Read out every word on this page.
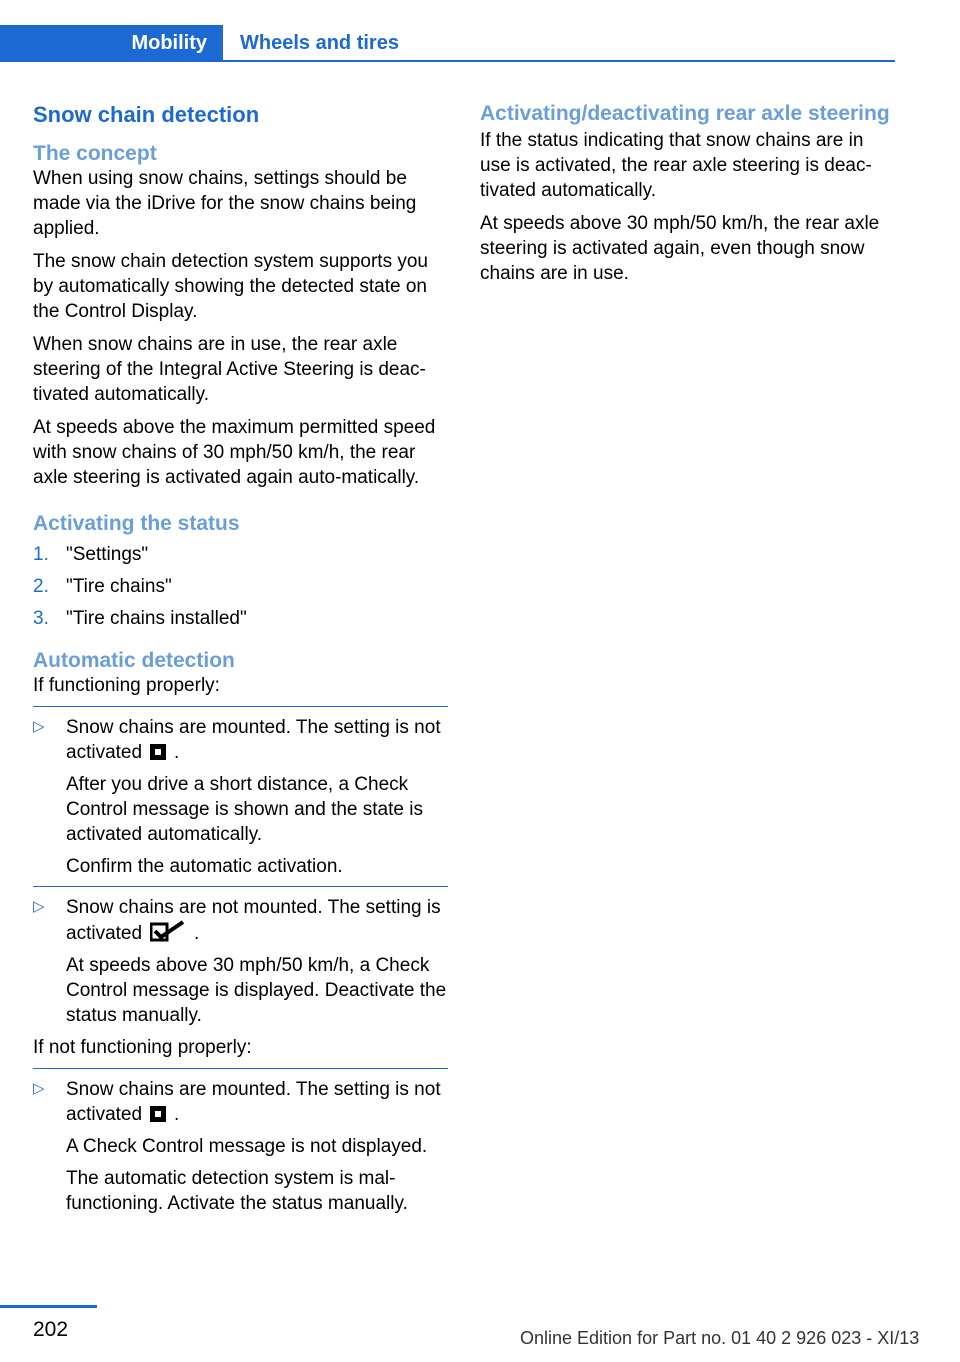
Mobility	Wheels and tires
Snow chain detection
The concept

When using snow chains, settings should be made via the iDrive for the snow chains being applied.

The snow chain detection system supports you by automatically showing the detected state on the Control Display.

When snow chains are in use, the rear axle steering of the Integral Active Steering is deac‐tivated automatically.

At speeds above the maximum permitted speed with snow chains of 30 mph/50 km/h, the rear axle steering is activated again auto‐matically.

Activating the status
1. "Settings"
2. "Tire chains"
3. "Tire chains installed"
Automatic detection

If functioning properly:

▷ Snow chains are mounted. The setting is not activated .

After you drive a short distance, a Check Control message is shown and the state is activated automatically.

Confirm the automatic activation.

▷ Snow chains are not mounted. The setting is activated	.

At speeds above 30 mph/50 km/h, a Check Control message is displayed. Deactivate the status manually.

If not functioning properly:

▷ Snow chains are mounted. The setting is not activated .

A Check Control message is not displayed.

The automatic detection system is mal‐functioning. Activate the status manually.

Activating/deactivating rear axle steering

If the status indicating that snow chains are in use is activated, the rear axle steering is deac‐tivated automatically.

At speeds above 30 mph/50 km/h, the rear axle steering is activated again, even though snow chains are in use.

202	Online Edition for Part no. 01 40 2 926 023 - XI/13
